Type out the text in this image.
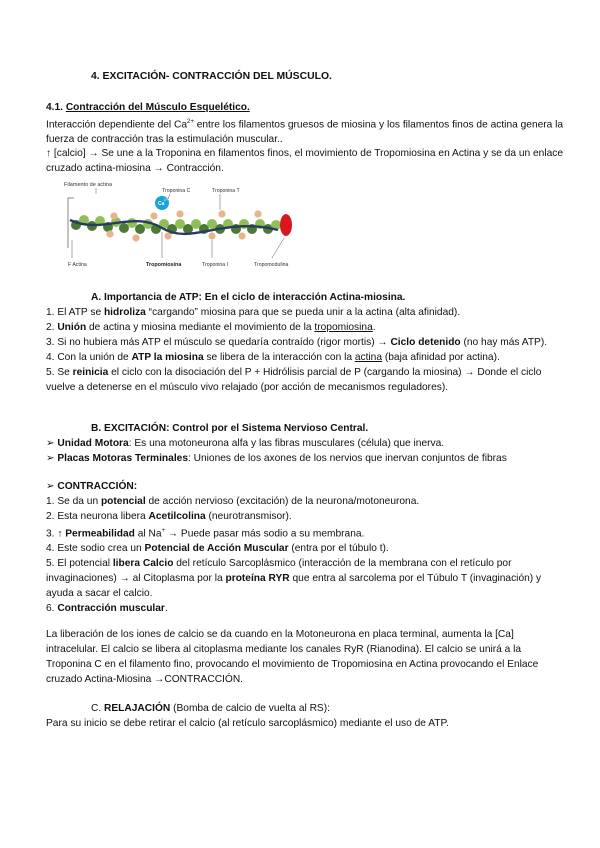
4. EXCITACIÓN- CONTRACCIÓN DEL MÚSCULO.
4.1. Contracción del Músculo Esquelético.
Interacción dependiente del $Ca^{2+}$ entre los filamentos gruesos de miosina y los filamentos finos de actina genera la fuerza de contracción tras la estimulación muscular..
↑ [calcio] → Se une a la Troponina en filamentos finos, el movimiento de Tropomiosina en Actina y se da un enlace cruzado actina-miosina → Contracción.
Filamento de actina
Troponina C	Troponina T
Ca
2+
F Actina	Tropomiosina	Troponina I	Tropomodulina
A. Importancia de ATP: En el ciclo de interacción Actina-miosina.

1. El ATP se hidroliza “cargando” miosina para que se pueda unir a la actina (alta afinidad).

2. Unión de actina y miosina mediante el movimiento de la tropomiosina.

3. Si no hubiera más ATP el músculo se quedaría contraído (rigor mortis) → Ciclo detenido (no hay más ATP).

4. Con la unión de ATP la miosina se libera de la interacción con la actina (baja afinidad por actina).

5. Se reinicia el ciclo con la disociación del P + Hidrólisis parcial de P (cargando la miosina) → Donde el ciclo vuelve a detenerse en el músculo vivo relajado (por acción de mecanismos reguladores).

B. EXCITACIÓN: Control por el Sistema Nervioso Central.

➢ Unidad Motora: Es una motoneurona alfa y las fibras musculares (célula) que inerva.

➢ Placas Motoras Terminales: Uniones de los axones de los nervios que inervan conjuntos de fibras

➢ CONTRACCIÓN:

1. Se da un potencial de acción nervioso (excitación) de la neurona/motoneurona.

2. Esta neurona libera Acetilcolina (neurotransmisor).

3. ↑ Permeabilidad al Na+ → Puede pasar más sodio a su membrana.

4. Este sodio crea un Potencial de Acción Muscular (entra por el túbulo t).

5. El potencial libera Calcio del retículo Sarcoplásmico (interacción de la membrana con el retículo por invaginaciones) → al Citoplasma por la proteína RYR que entra al sarcolema por el Túbulo T (invaginación) y ayuda a sacar el calcio.

6. Contracción muscular.

La liberación de los iones de calcio se da cuando en la Motoneurona en placa terminal, aumenta la [Ca] intracelular. El calcio se libera al citoplasma mediante los canales RyR (Rianodina). El calcio se unirá a la Troponina C en el filamento fino, provocando el movimiento de Tropomiosina en Actina provocando el Enlace cruzado Actina-Miosina →CONTRACCIÓN.
C. RELAJACIÓN (Bomba de calcio de vuelta al RS):
Para su inicio se debe retirar el calcio (al retículo sarcoplásmico) mediante el uso de ATP.
